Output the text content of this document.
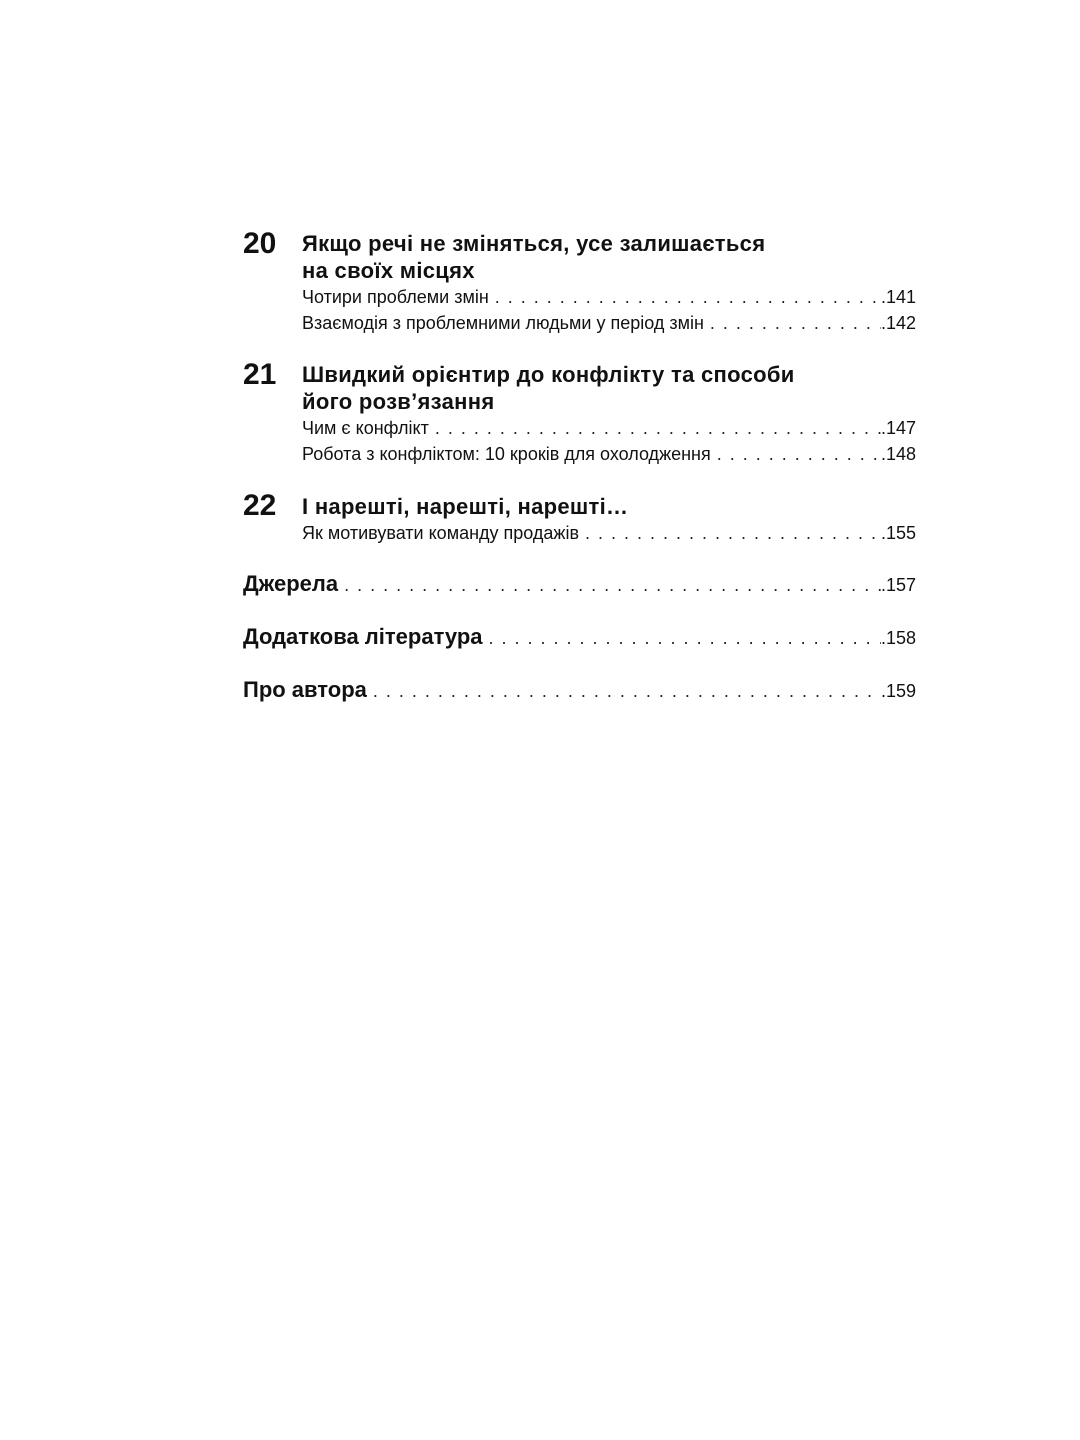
20 Якщо речі не зміняться, усе залишається
на своїх місцях
Чотири проблеми змін . . .	.141
Взаємодія з проблемними людьми у період змін . . .	.142
21 Швидкий орієнтир до конфлікту та способи
його розв’язання
Чим є конфлікт . . .	.147
Робота з конфліктом: 10 кроків для охолодження . . .	.148
22 І нарешті, нарешті, нарешті…
Як мотивувати команду продажів . . .	.155
Джерела . . .	.157
Додаткова література . . .	.158
Про автора . . .	.159
